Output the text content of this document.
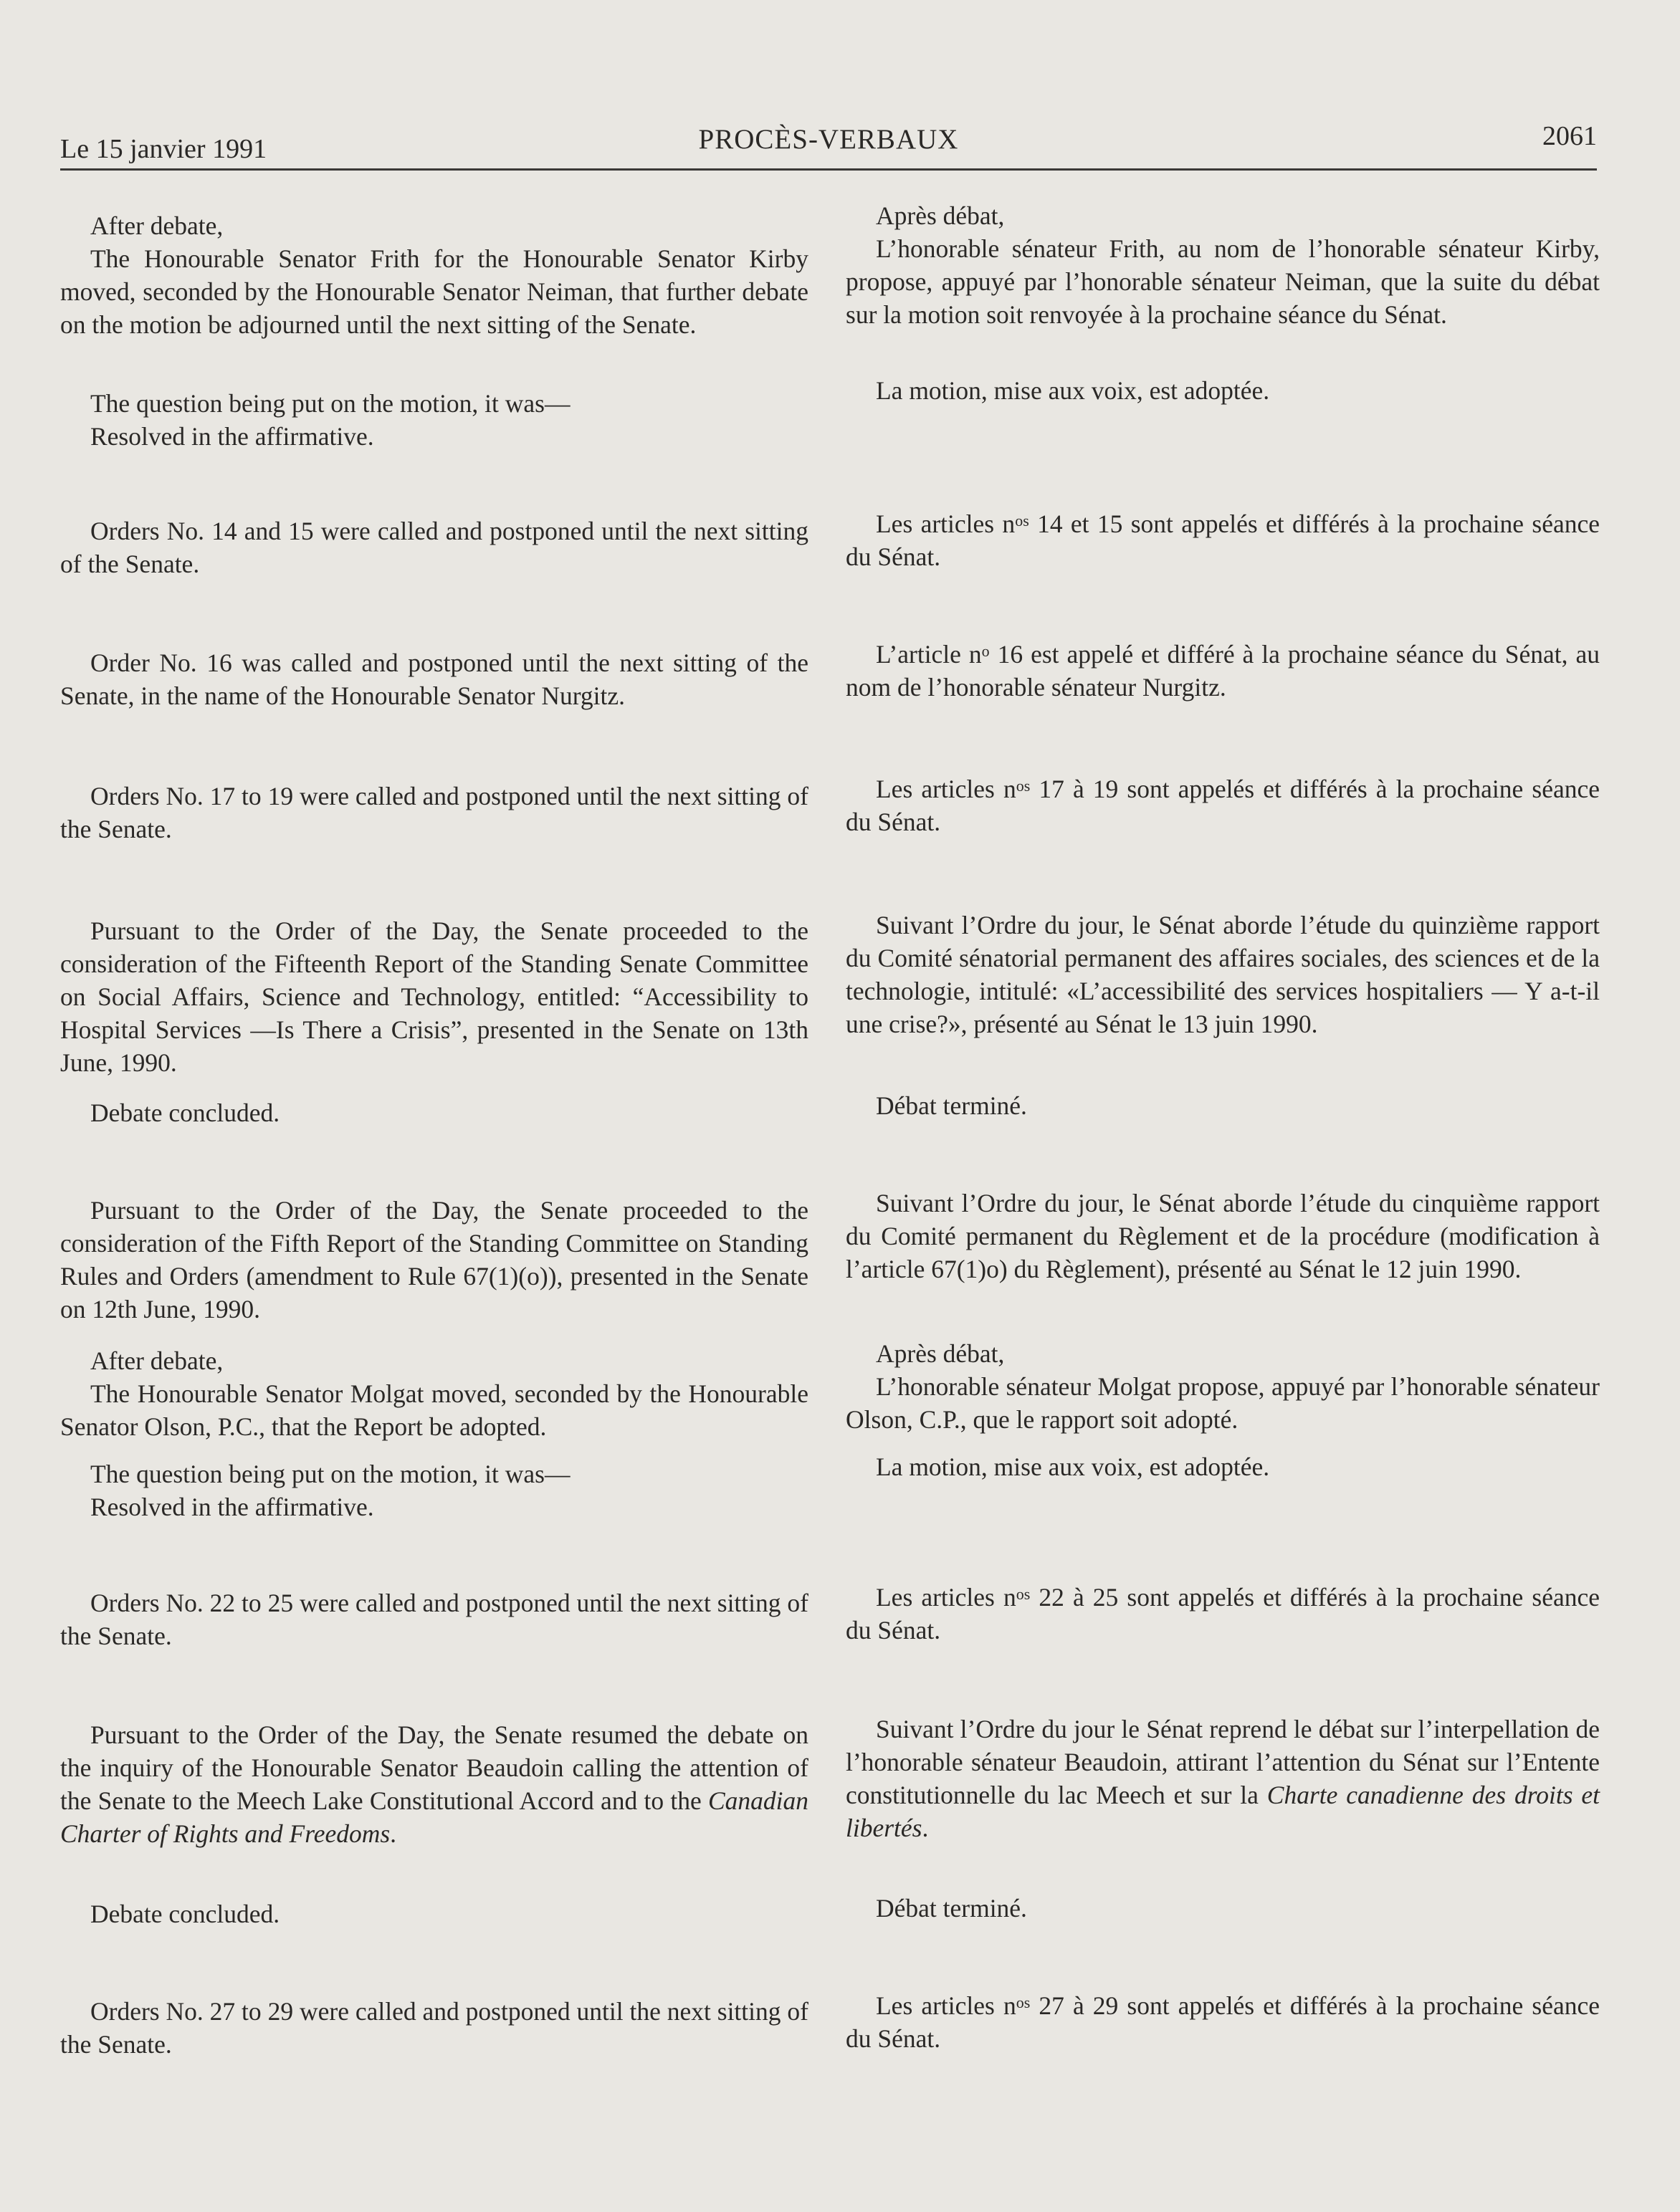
Le 15 janvier 1991	PROCÈS-VERBAUX	2061

After debate,

The Honourable Senator Frith for the Honourable Senator Kirby moved, seconded by the Honourable Senator Neiman, that further debate on the motion be adjourned until the next sitting of the Senate.

The question being put on the motion, it was—

Resolved in the affirmative.

Orders No. 14 and 15 were called and postponed until the next sitting of the Senate.

Order No. 16 was called and postponed until the next sitting of the Senate, in the name of the Honourable Senator Nurgitz.

Orders No. 17 to 19 were called and postponed until the next sitting of the Senate.

Pursuant to the Order of the Day, the Senate proceeded to the consideration of the Fifteenth Report of the Standing Senate Committee on Social Affairs, Science and Technology, entitled: “Accessibility to Hospital Services —Is There a Crisis”, presented in the Senate on 13th June, 1990.

Debate concluded.

Pursuant to the Order of the Day, the Senate proceeded to the consideration of the Fifth Report of the Standing Committee on Standing Rules and Orders (amendment to Rule 67(1)(o)), presented in the Senate on 12th June, 1990.

After debate,

The Honourable Senator Molgat moved, seconded by the Honourable Senator Olson, P.C., that the Report be adopted.

The question being put on the motion, it was—

Resolved in the affirmative.

Orders No. 22 to 25 were called and postponed until the next sitting of the Senate.

Pursuant to the Order of the Day, the Senate resumed the debate on the inquiry of the Honourable Senator Beaudoin calling the attention of the Senate to the Meech Lake Constitutional Accord and to the Canadian Charter of Rights and Freedoms.

Debate concluded.

Orders No. 27 to 29 were called and postponed until the next sitting of the Senate.

Après débat,

L’honorable sénateur Frith, au nom de l’honorable sénateur Kirby, propose, appuyé par l’honorable sénateur Neiman, que la suite du débat sur la motion soit renvoyée à la prochaine séance du Sénat.

La motion, mise aux voix, est adoptée.

Les articles $n^{os}$ 14 et 15 sont appelés et différés à la prochaine séance du Sénat.

L’article $n^o$ 16 est appelé et différé à la prochaine séance du Sénat, au nom de l’honorable sénateur Nurgitz.

Les articles $n^{os}$ 17 à 19 sont appelés et différés à la prochaine séance du Sénat.

Suivant l’Ordre du jour, le Sénat aborde l’étude du quinzième rapport du Comité sénatorial permanent des affaires sociales, des sciences et de la technologie, intitulé: «L’accessibilité des services hospitaliers — Y a-t-il une crise?», présenté au Sénat le 13 juin 1990.

Débat terminé.

Suivant l’Ordre du jour, le Sénat aborde l’étude du cinquième rapport du Comité permanent du Règlement et de la procédure (modification à l’article 67(1)o) du Règlement), présenté au Sénat le 12 juin 1990.

Après débat,

L’honorable sénateur Molgat propose, appuyé par l’honorable sénateur Olson, C.P., que le rapport soit adopté.

La motion, mise aux voix, est adoptée.

Les articles $n^{os}$ 22 à 25 sont appelés et différés à la prochaine séance du Sénat.

Suivant l’Ordre du jour le Sénat reprend le débat sur l’interpellation de l’honorable sénateur Beaudoin, attirant l’attention du Sénat sur l’Entente constitutionnelle du lac Meech et sur la Charte canadienne des droits et libertés.

Débat terminé.

Les articles $n^{os}$ 27 à 29 sont appelés et différés à la prochaine séance du Sénat.
